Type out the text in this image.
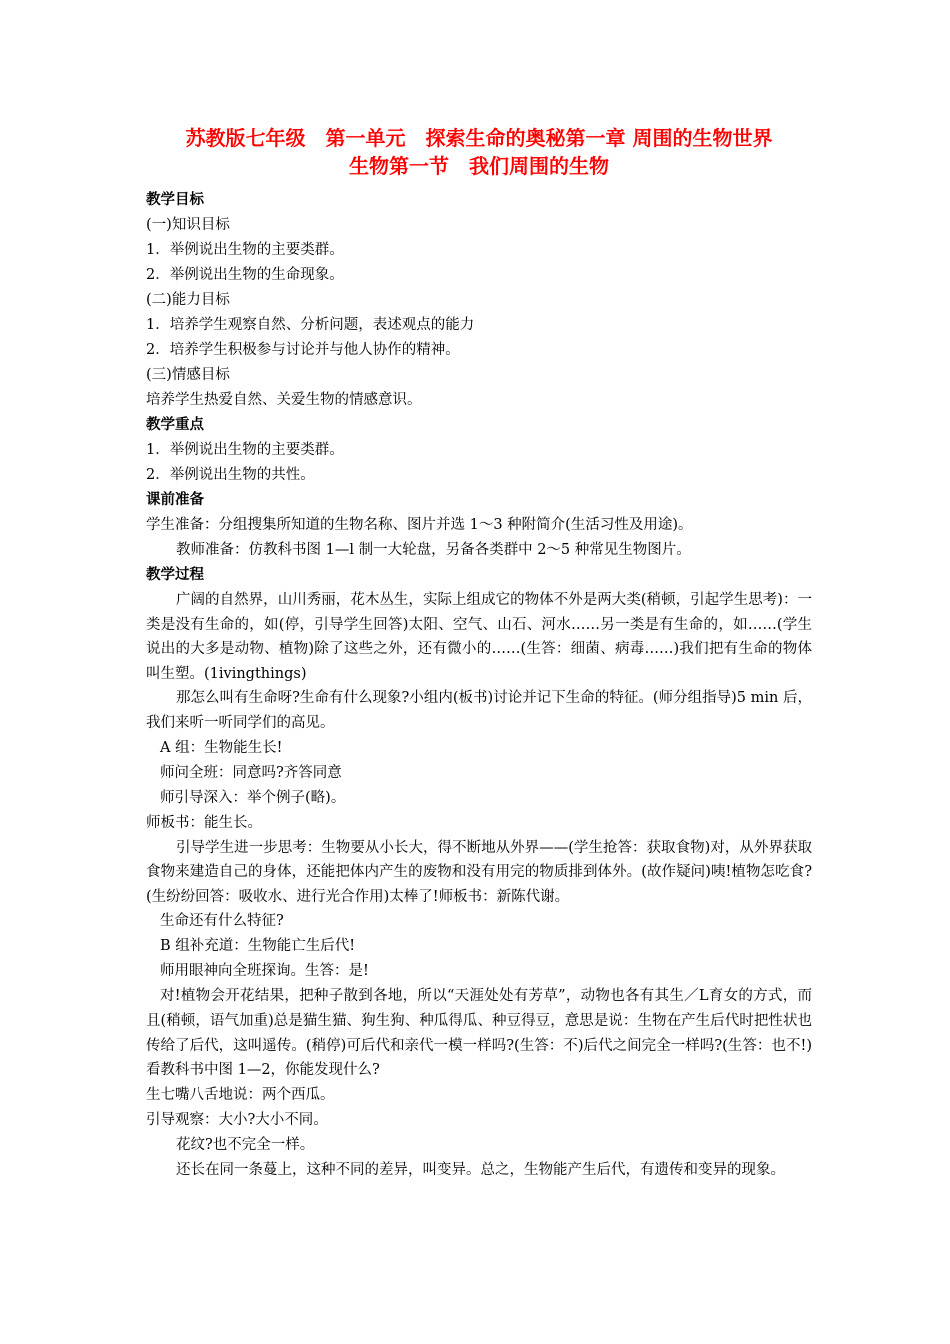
苏教版七年级　第一单元　探索生命的奥秘第一章 周围的生物世界

生物第一节　我们周围的生物

教学目标

(一)知识目标

1．举例说出生物的主要类群。

2．举例说出生物的生命现象。

(二)能力目标

1．培养学生观察自然、分析问题，表述观点的能力

2．培养学生积极参与讨论并与他人协作的精神。

(三)情感目标

培养学生热爱自然、关爱生物的情感意识。

教学重点

1．举例说出生物的主要类群。

2．举例说出生物的共性。

课前准备

学生准备：分组搜集所知道的生物名称、图片并选 1～3 种附简介(生活习性及用途)。

教师准备：仿教科书图 1—l 制一大轮盘，另备各类群中 2～5 种常见生物图片。

教学过程

广阔的自然界，山川秀丽，花木丛生，实际上组成它的物体不外是两大类(稍顿，引起学生思考)：一类是没有生命的，如(停，引导学生回答)太阳、空气、山石、河水……另一类是有生命的，如……(学生说出的大多是动物、植物)除了这些之外，还有微小的……(生答：细菌、病毒……)我们把有生命的物体叫生塑。(1ivingthings)

那怎么叫有生命呀?生命有什么现象?小组内(板书)讨论并记下生命的特征。(师分组指导)5 min 后，我们来听一听同学们的高见。

A 组：生物能生长!

师问全班：同意吗?齐答同意

师引导深入：举个例子(略)。

师板书：能生长。

引导学生进一步思考：生物要从小长大，得不断地从外界——(学生抢答：获取食物)对，从外界获取食物来建造自己的身体，还能把体内产生的废物和没有用完的物质排到体外。(故作疑问)咦!植物怎吃食?(生纷纷回答：吸收水、进行光合作用)太棒了!师板书：新陈代谢。

生命还有什么特征?

B 组补充道：生物能亡生后代!

师用眼神向全班探询。生答：是!

对!植物会开花结果，把种子散到各地，所以“天涯处处有芳草”，动物也各有其生／L育女的方式，而且(稍顿，语气加重)总是猫生猫、狗生狗、种瓜得瓜、种豆得豆，意思是说：生物在产生后代时把性状也传给了后代，这叫遥传。(稍停)可后代和亲代一模一样吗?(生答：不)后代之间完全一样吗?(生答：也不!)看教科书中图 1—2，你能发现什么?

生七嘴八舌地说：两个西瓜。

引导观察：大小?大小不同。

花纹?也不完全一样。

还长在同一条蔓上，这种不同的差异，叫变异。总之，生物能产生后代，有遗传和变异的现象。
